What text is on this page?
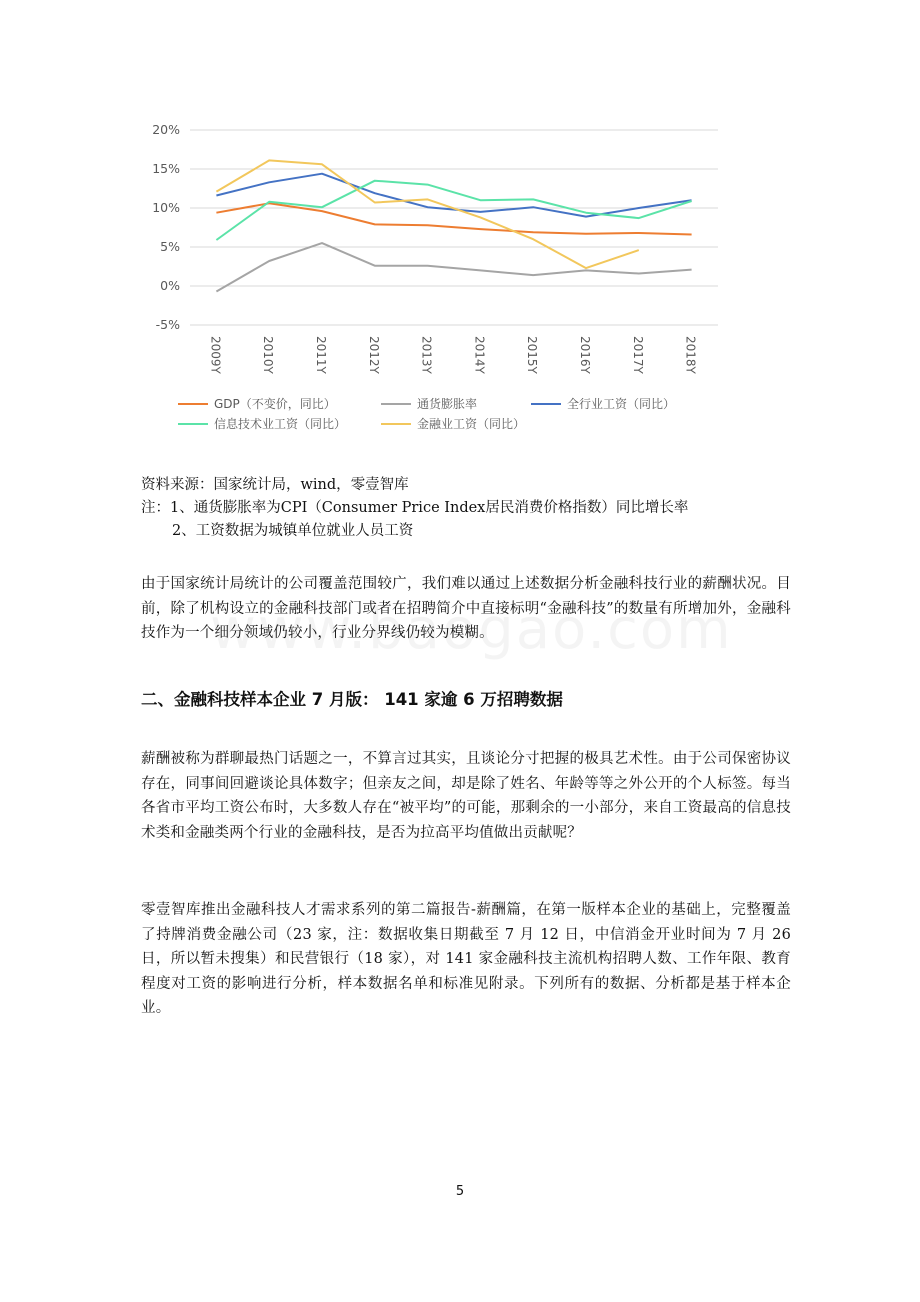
20%
15%
10%
5%
0%
-5%
2009Y	2010Y	2011Y	2012Y	2013Y	2014Y	2015Y	2016Y	2017Y	2018Y
GDP（不变价，同比）	通货膨胀率	全行业工资（同比）
信息技术业工资（同比）	金融业工资（同比）

资料来源：国家统计局，wind，零壹智库

注：1、通货膨胀率为CPI（Consumer Price Index居民消费价格指数）同比增长率

2、工资数据为城镇单位就业人员工资

由于国家统计局统计的公司覆盖范围较广，我们难以通过上述数据分析金融科技行业的薪酬状况。目前，除了机构设立的金融科技部门或者在招聘简介中直接标明“金融科技”的数量有所增加外，金融科技作为一个细分领域仍较小，行业分界线仍较为模糊。
二、金融科技样本企业 7 月版： 141 家逾 6 万招聘数据
薪酬被称为群聊最热门话题之一，不算言过其实，且谈论分寸把握的极具艺术性。由于公司保密协议存在，同事间回避谈论具体数字；但亲友之间，却是除了姓名、年龄等等之外公开的个人标签。每当各省市平均工资公布时，大多数人存在“被平均”的可能，那剩余的一小部分，来自工资最高的信息技术类和金融类两个行业的金融科技，是否为拉高平均值做出贡献呢？
零壹智库推出金融科技人才需求系列的第二篇报告-薪酬篇，在第一版样本企业的基础上，完整覆盖了持牌消费金融公司（23 家，注：数据收集日期截至 7 月 12 日，中信消金开业时间为 7 月 26 日，所以暂未搜集）和民营银行（18 家），对 141 家金融科技主流机构招聘人数、工作年限、教育程度对工资的影响进行分析，样本数据名单和标准见附录。下列所有的数据、分析都是基于样本企业。
5
